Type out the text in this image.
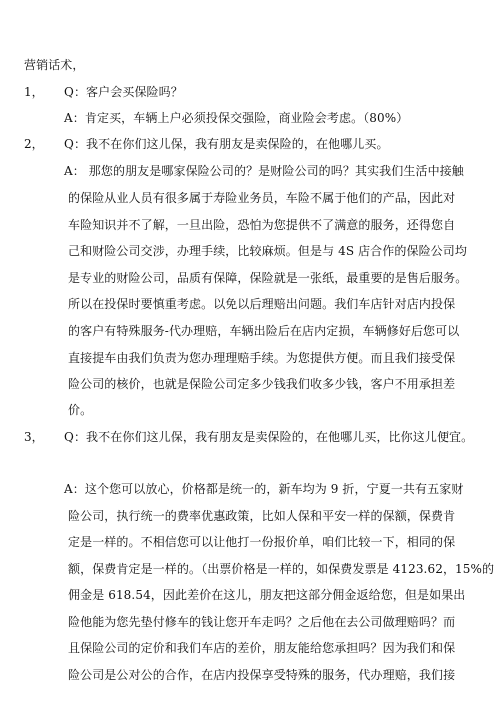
营销话术，
1， Q：客户会买保险吗？
A：肯定买，车辆上户必须投保交强险，商业险会考虑。（80%）
2， Q：我不在你们这儿保，我有朋友是卖保险的，在他哪儿买。
A： 那您的朋友是哪家保险公司的？是财险公司的吗？其实我们生活中接触
的保险从业人员有很多属于寿险业务员，车险不属于他们的产品，因此对
车险知识并不了解，一旦出险，恐怕为您提供不了满意的服务，还得您自
己和财险公司交涉，办理手续，比较麻烦。但是与 4S 店合作的保险公司均
是专业的财险公司，品质有保障，保险就是一张纸，最重要的是售后服务。
所以在投保时要慎重考虑。以免以后理赔出问题。我们车店针对店内投保
的客户有特殊服务-代办理赔，车辆出险后在店内定损，车辆修好后您可以
直接提车由我们负责为您办理理赔手续。为您提供方便。而且我们接受保
险公司的核价，也就是保险公司定多少钱我们收多少钱，客户不用承担差
价。
3， Q：我不在你们这儿保，我有朋友是卖保险的，在他哪儿买，比你这儿便宜。
A：这个您可以放心，价格都是统一的，新车均为 9 折，宁夏一共有五家财
险公司，执行统一的费率优惠政策，比如人保和平安一样的保额，保费肯
定是一样的。不相信您可以让他打一份报价单，咱们比较一下，相同的保
额，保费肯定是一样的。（出票价格是一样的，如保费发票是 4123.62，15%的
佣金是 618.54，因此差价在这儿，朋友把这部分佣金返给您，但是如果出
险他能为您先垫付修车的钱让您开车走吗？之后他在去公司做理赔吗？而
且保险公司的定价和我们车店的差价，朋友能给您承担吗？因为我们和保
险公司是公对公的合作，在店内投保享受特殊的服务，代办理赔，我们接
